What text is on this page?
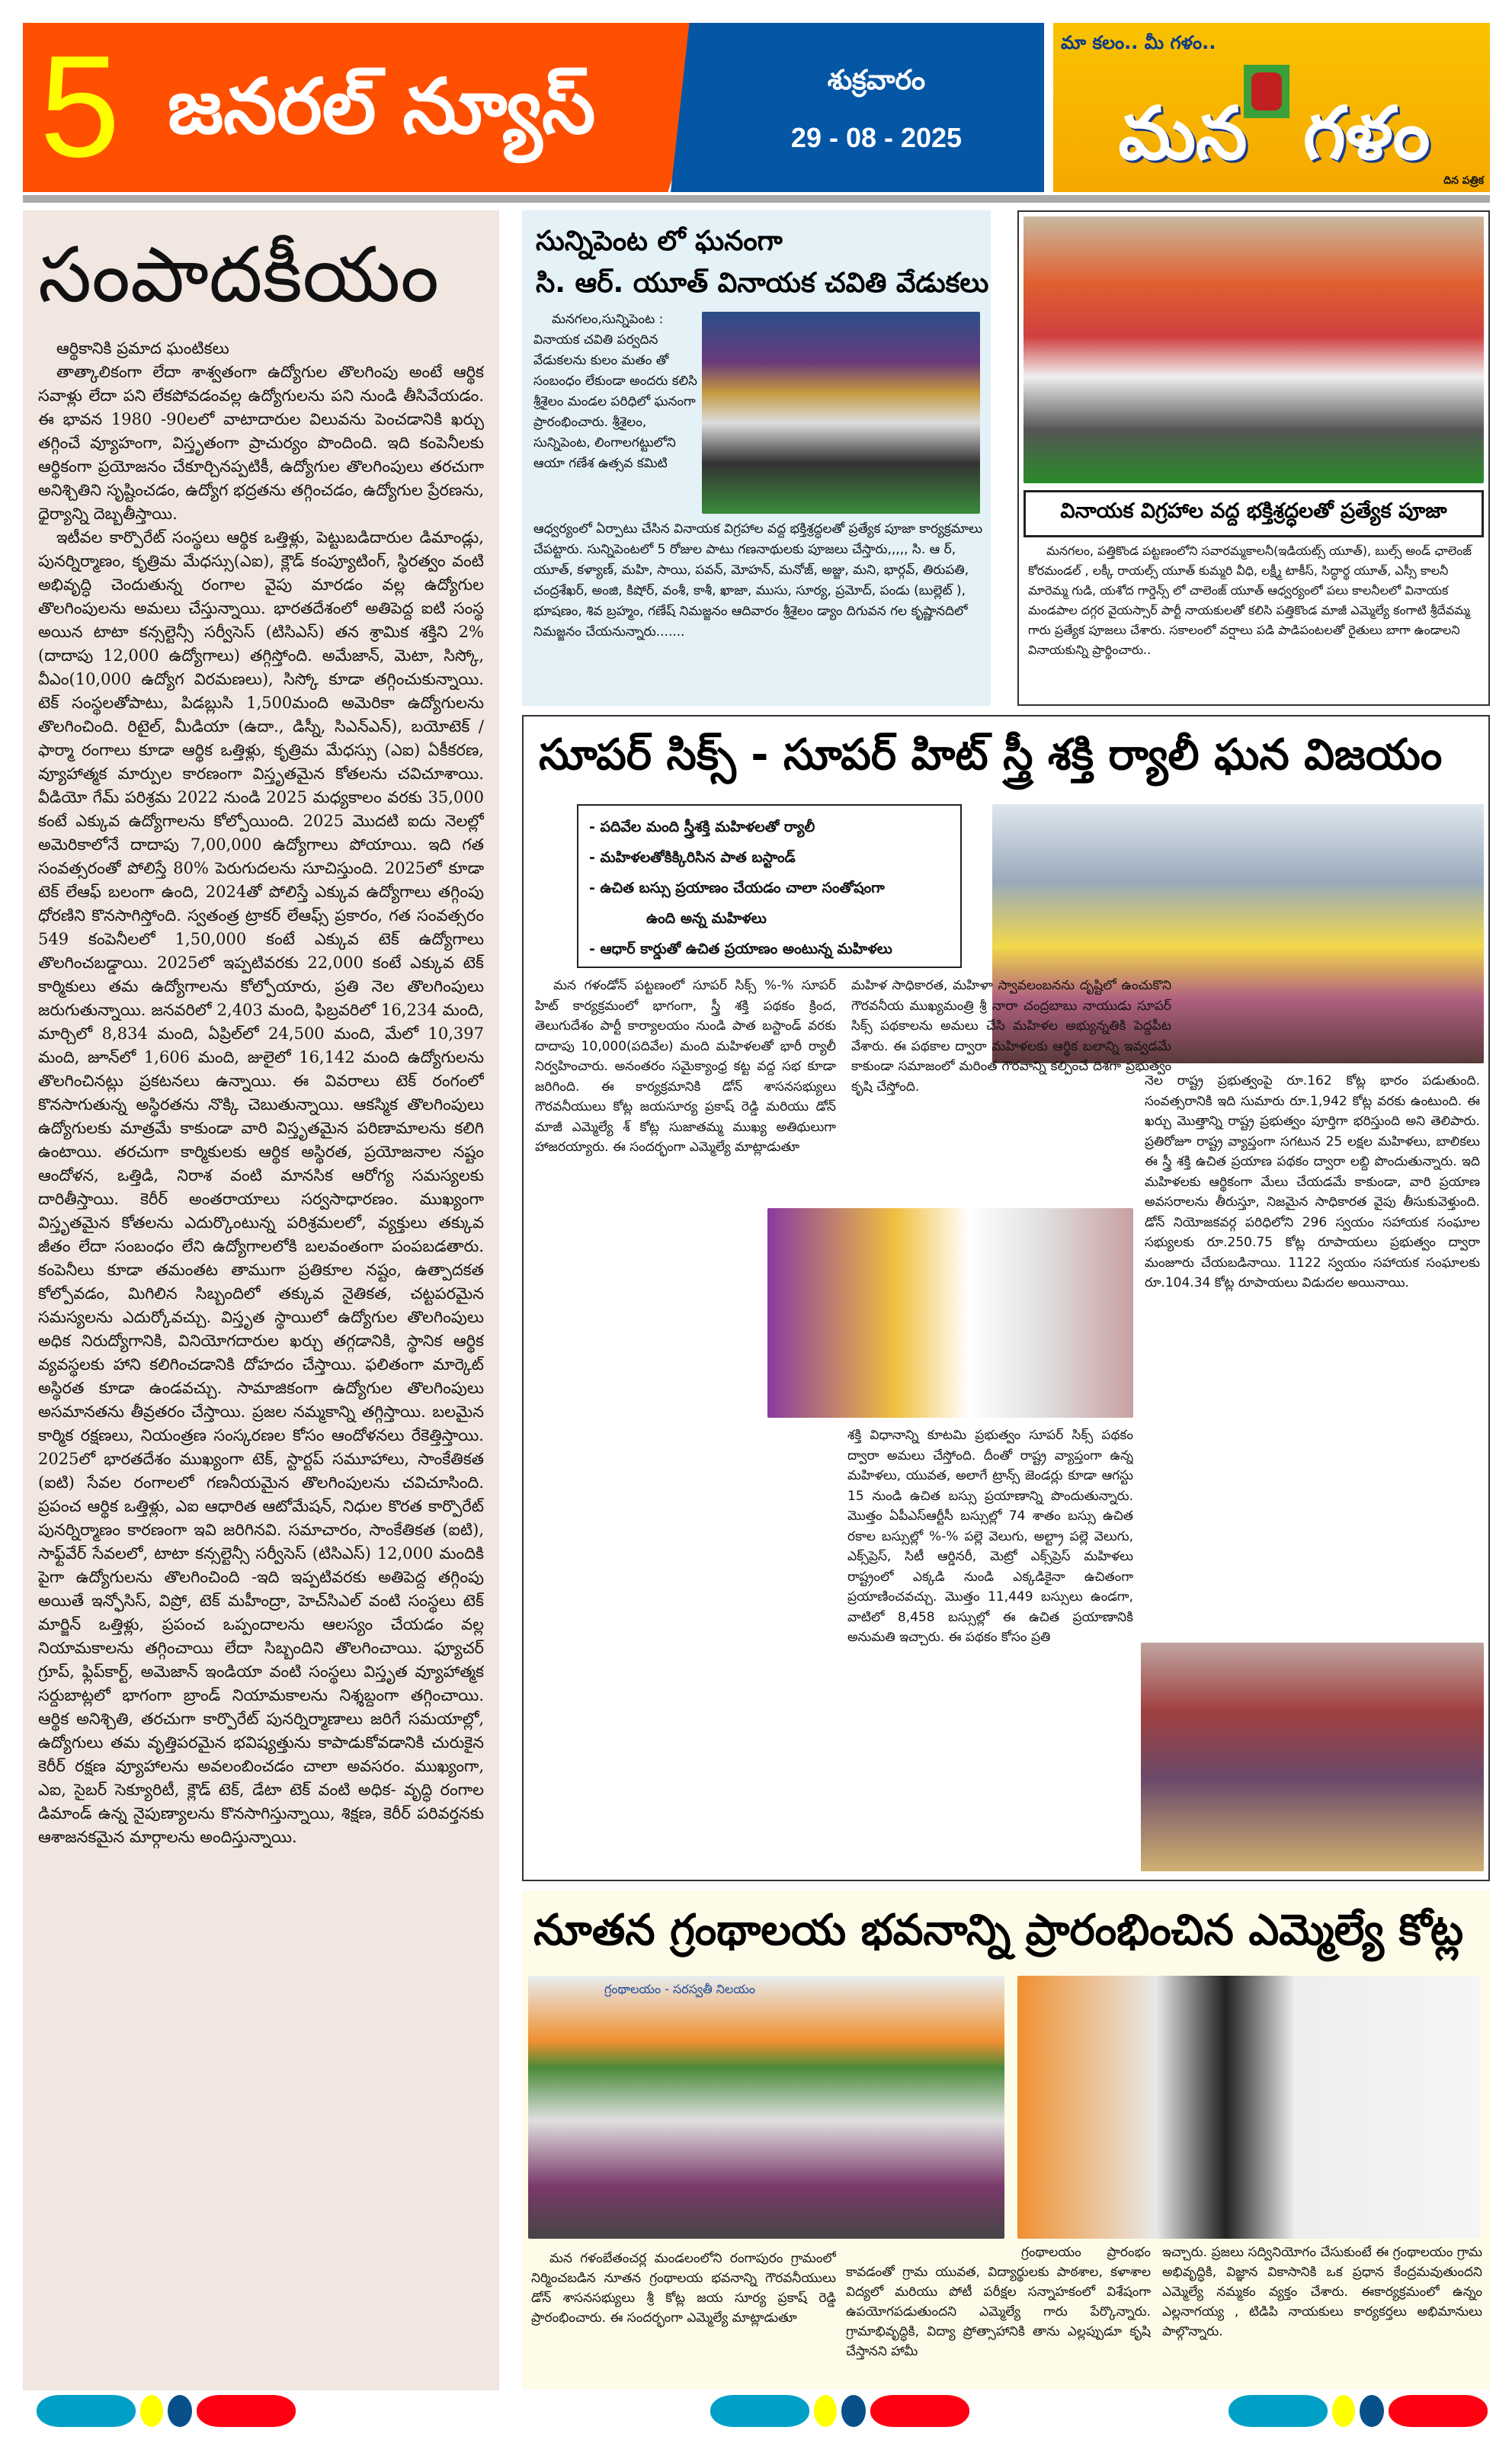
5 జనరల్ న్యూస్	శుక్రవారం
29 - 08 - 2025
మా కలం.. మీ గళం..
మన గళం
దిన పత్రిక
సంపాదకీయం
ఆర్థికానికి ప్రమాద ఘంటికలు
తాత్కాలికంగా లేదా శాశ్వతంగా ఉద్యోగుల తొలగింపు అంటే ఆర్థిక సవాళ్లు లేదా పని లేకపోవడంవల్ల ఉద్యోగులను పని నుండి తీసివేయడం. ఈ భావన 1980 -90లలో వాటాదారుల విలువను పెంచడానికి ఖర్చు తగ్గించే వ్యూహంగా, విస్తృతంగా ప్రాచుర్యం పొందింది. ఇది కంపెనీలకు ఆర్థికంగా ప్రయోజనం చేకూర్చినప్పటికీ, ఉద్యోగుల తొలగింపులు తరచుగా అనిశ్చితిని సృష్టించడం, ఉద్యోగ భద్రతను తగ్గించడం, ఉద్యోగుల ప్రేరణను, ధైర్యాన్ని దెబ్బతీస్తాయి.
ఇటీవల కార్పొరేట్ సంస్థలు ఆర్థిక ఒత్తిళ్లు, పెట్టుబడిదారుల డిమాండ్లు, పునర్నిర్మాణం, కృత్రిమ మేధస్సు(ఎఐ), క్లౌడ్ కంప్యూటింగ్, స్థిరత్వం వంటి అభివృద్ధి చెందుతున్న రంగాల వైపు మారడం వల్ల ఉద్యోగుల తొలగింపులను అమలు చేస్తున్నాయి. భారతదేశంలో అతిపెద్ద ఐటి సంస్థ అయిన టాటా కన్సల్టెన్సీ సర్వీసెస్ (టిసిఎస్) తన శ్రామిక శక్తిని 2%(దాదాపు 12,000 ఉద్యోగాలు) తగ్గిస్తోంది. అమేజాన్, మెటా, సిస్కో, వీఎం(10,000 ఉద్యోగ విరమణలు), సిస్కో కూడా తగ్గించుకున్నాయి. టెక్ సంస్థలతోపాటు, పిడబ్లుసి 1,500మంది అమెరికా ఉద్యోగులను తొలగించింది. రిటైల్, మీడియా (ఉదా., డిస్నీ, సిఎన్ఎన్), బయోటెక్ /ఫార్మా రంగాలు కూడా ఆర్థిక ఒత్తిళ్లు, కృత్రిమ మేధస్సు (ఎఐ) ఏకీకరణ, వ్యూహాత్మక మార్పుల కారణంగా విస్తృతమైన కోతలను చవిచూశాయి. వీడియో గేమ్ పరిశ్రమ 2022 నుండి 2025 మధ్యకాలం వరకు 35,000 కంటే ఎక్కువ ఉద్యోగాలను కోల్పోయింది. 2025 మొదటి ఐదు నెలల్లో అమెరికాలోనే దాదాపు 7,00,000 ఉద్యోగాలు పోయాయి. ఇది గత సంవత్సరంతో పోలిస్తే 80% పెరుగుదలను సూచిస్తుంది. 2025లో కూడా టెక్ లేఆఫ్ బలంగా ఉంది, 2024తో పోలిస్తే ఎక్కువ ఉద్యోగాలు తగ్గింపు ధోరణిని కొనసాగిస్తోంది. స్వతంత్ర ట్రాకర్ లేఆఫ్స్ ప్రకారం, గత సంవత్సరం 549 కంపెనీలలో 1,50,000 కంటే ఎక్కువ టెక్ ఉద్యోగాలు తొలగించబడ్డాయి. 2025లో ఇప్పటివరకు 22,000 కంటే ఎక్కువ టెక్ కార్మికులు తమ ఉద్యోగాలను కోల్పోయారు, ప్రతి నెల తొలగింపులు జరుగుతున్నాయి. జనవరిలో 2,403 మంది, ఫిబ్రవరిలో 16,234 మంది, మార్చిలో 8,834 మంది, ఏప్రిల్‌లో 24,500 మంది, మేలో 10,397 మంది, జూన్‌లో 1,606 మంది, జులైలో 16,142 మంది ఉద్యోగులను తొలగించినట్లు ప్రకటనలు ఉన్నాయి. ఈ వివరాలు టెక్ రంగంలో కొనసాగుతున్న అస్థిరతను నొక్కి చెబుతున్నాయి. ఆకస్మిక తొలగింపులు ఉద్యోగులకు మాత్రమే కాకుండా వారి విస్తృతమైన పరిణామాలను కలిగి ఉంటాయి. తరచుగా కార్మికులకు ఆర్థిక అస్థిరత, ప్రయోజనాల నష్టం ఆందోళన, ఒత్తిడి, నిరాశ వంటి మానసిక ఆరోగ్య సమస్యలకు దారితీస్తాయి. కెరీర్ అంతరాయాలు సర్వసాధారణం. ముఖ్యంగా విస్తృతమైన కోతలను ఎదుర్కొంటున్న పరిశ్రమలలో, వ్యక్తులు తక్కువ జీతం లేదా సంబంధం లేని ఉద్యోగాలలోకి బలవంతంగా పంపబడతారు. కంపెనీలు కూడా తమంతట తాముగా ప్రతికూల నష్టం, ఉత్పాదకత కోల్పోవడం, మిగిలిన సిబ్బందిలో తక్కువ నైతికత, చట్టపరమైన సమస్యలను ఎదుర్కోవచ్చు. విస్తృత స్థాయిలో ఉద్యోగుల తొలగింపులు అధిక నిరుద్యోగానికి, వినియోగదారుల ఖర్చు తగ్గడానికి, స్థానిక ఆర్థిక వ్యవస్థలకు హాని కలిగించడానికి దోహదం చేస్తాయి. ఫలితంగా మార్కెట్ అస్థిరత కూడా ఉండవచ్చు. సామాజికంగా ఉద్యోగుల తొలగింపులు అసమానతను తీవ్రతరం చేస్తాయి. ప్రజల నమ్మకాన్ని తగ్గిస్తాయి. బలమైన కార్మిక రక్షణలు, నియంత్రణ సంస్కరణల కోసం ఆందోళనలు రేకెత్తిస్తాయి. 2025లో భారతదేశం ముఖ్యంగా టెక్, స్టార్టప్ సమూహాలు, సాంకేతికత (ఐటి) సేవల రంగాలలో గణనీయమైన తొలగింపులను చవిచూసింది. ప్రపంచ ఆర్థిక ఒత్తిళ్లు, ఎఐ ఆధారిత ఆటోమేషన్, నిధుల కొరత కార్పొరేట్ పునర్నిర్మాణం కారణంగా ఇవి జరిగినవి. సమాచారం, సాంకేతికత (ఐటి), సాఫ్ట్‌వేర్ సేవలలో, టాటా కన్సల్టెన్సీ సర్వీసెస్ (టిసిఎస్) 12,000 మందికి పైగా ఉద్యోగులను తొలగించింది -ఇది ఇప్పటివరకు అతిపెద్ద తగ్గింపు అయితే ఇన్ఫోసిస్, విప్రో, టెక్ మహీంద్రా, హెచ్‌సిఎల్ వంటి సంస్థలు టెక్ మార్జిన్ ఒత్తిళ్లు, ప్రపంచ ఒప్పందాలను ఆలస్యం చేయడం వల్ల నియామకాలను తగ్గించాయి లేదా సిబ్బందిని తొలగించాయి. ఫ్యూచర్ గ్రూప్, ఫ్లిప్‌కార్ట్, అమెజాన్ ఇండియా వంటి సంస్థలు విస్తృత వ్యూహాత్మక సర్దుబాట్లలో భాగంగా బ్రాండ్ నియామకాలను నిశ్శబ్దంగా తగ్గించాయి. ఆర్థిక అనిశ్చితి, తరచుగా కార్పొరేట్ పునర్నిర్మాణాలు జరిగే సమయాల్లో, ఉద్యోగులు తమ వృత్తిపరమైన భవిష్యత్తును కాపాడుకోవడానికి చురుకైన కెరీర్ రక్షణ వ్యూహాలను అవలంబించడం చాలా అవసరం. ముఖ్యంగా, ఎఐ, సైబర్ సెక్యూరిటీ, క్లౌడ్ టెక్, డేటా టెక్ వంటి అధిక- వృద్ధి రంగాల డిమాండ్ ఉన్న నైపుణ్యాలను కొనసాగిస్తున్నాయి, శిక్షణ, కెరీర్ పరివర్తనకు ఆశాజనకమైన మార్గాలను అందిస్తున్నాయి.
సున్నిపెంట లో ఘనంగా
సి. ఆర్. యూత్ వినాయక చవితి వేడుకలు
మనగలం,సున్నిపెంట : వినాయక చవితి పర్వదిన వేడుకలను కులం మతం తో సంబంధం లేకుండా అందరు కలిసి శ్రీశైలం మండల పరిధిలో ఘనంగా ప్రారంభించారు. శ్రీశైలం, సున్నిపెంట, లింగాలగట్టులోని ఆయా గణేశ ఉత్సవ కమిటి
ఆధ్వర్యంలో ఏర్పాటు చేసిన వినాయక విగ్రహాల వద్ద భక్తిశ్రద్ధలతో ప్రత్యేక పూజా కార్యక్రమాలు చేపట్టారు. సున్నిపెంటలో 5 రోజుల పాటు గణనాథులకు పూజలు చేస్తారు,,,,, సి. ఆ ర్, యూత్, కళ్యాణ్, మహి, సాయి, పవన్, మోహన్, మనోజ్, అజ్జు, మని, భార్గవ్, తిరుపతి, చంద్రశేఖర్, అంజి, కిషోర్, వంశీ, కాశీ, ఖాజా, ముసు, సూర్య, ప్రమోద్, పండు (బుల్లెట్ ), భూషణం, శివ బ్రహ్మం, గణేష్ నిమజ్జనం ఆదివారం శ్రీశైలం డ్యాం దిగువన గల కృష్ణానదిలో నిమజ్జనం చేయనున్నారు.......
వినాయక విగ్రహాల వద్ద భక్తిశ్రద్ధలతో ప్రత్యేక పూజా
మనగలం, పత్తికొండ పట్టణంలోని సవారమ్మకాలనీ(ఇడియట్స్ యూత్), బుల్స్ అండ్ ఛాలెంజ్ కోరమండల్ , లక్కీ రాయల్స్ యూత్ కుమ్మరి వీధి, లక్ష్మీ టాకీస్, సిద్ధార్థ యూత్, ఎస్సీ కాలనీ మారెమ్మ గుడి, యశోద గార్డెన్స్ లో చాలెంజ్ యూత్ ఆధ్వర్యంలో పలు కాలనీలలో వినాయక మండపాల దగ్గర వైయస్సార్ పార్టీ నాయకులతో కలిసి పత్తికొండ మాజీ ఎమ్మెల్యే కంగాటి శ్రీదేవమ్మ గారు ప్రత్యేక పూజలు చేశారు. సకాలంలో వర్షాలు పడి పాడిపంటలతో రైతులు బాగా ఉండాలని వినాయకున్ని ప్రార్థించారు..
సూపర్ సిక్స్ - సూపర్ హిట్ స్త్రీ శక్తి ర్యాలీ ఘన విజయం
- పదివేల మంది స్త్రీశక్తి మహిళలతో ర్యాలీ
- మహిళలతోకిక్కిరిసిన పాత బస్టాండ్
- ఉచిత బస్సు ప్రయాణం చేయడం చాలా సంతోషంగా
ఉంది అన్న మహిళలు
- ఆధార్ కార్డుతో ఉచిత ప్రయాణం అంటున్న మహిళలు
మన గళండోన్ పట్టణంలో సూపర్ సిక్స్ %-% సూపర్ హిట్ కార్యక్రమంలో భాగంగా, స్త్రీ శక్తి పథకం క్రింద, తెలుగుదేశం పార్టీ కార్యాలయం నుండి పాత బస్టాండ్ వరకు దాదాపు 10,000(పదివేల) మంది మహిళలతో భారీ ర్యాలీ నిర్వహించారు. అనంతరం సమైక్యాంధ్ర కట్ట వద్ద సభ కూడా జరిగింది. ఈ కార్యక్రమానికి డోన్ శాసనసభ్యులు గౌరవనీయులు కోట్ల జయసూర్య ప్రకాష్ రెడ్డి మరియు డోన్ మాజీ ఎమ్మెల్యే శ్ కోట్ల సుజాతమ్మ ముఖ్య అతిథులుగా హాజరయ్యారు. ఈ సందర్భంగా ఎమ్మెల్యే మాట్లాడుతూ
మహిళ సాధికారత, మహిళా స్వావలంబనను దృష్టిలో ఉంచుకొని గౌరవనీయ ముఖ్యమంత్రి శ్రీ నారా చంద్రబాబు నాయుడు సూపర్ సిక్స్ పథకాలను అమలు చేసి మహిళల అభ్యున్నతికి పెద్దపీట వేశారు. ఈ పథకాల ద్వారా మహిళలకు ఆర్థిక బలాన్ని ఇవ్వడమే కాకుండా సమాజంలో మరింత గౌరవాన్ని కల్పించే దిశగా ప్రభుత్వం కృషి చేస్తోంది.	నెల రాష్ట్ర ప్రభుత్వంపై రూ.162 కోట్ల భారం పడుతుంది. సంవత్సరానికి ఇది సుమారు రూ.1,942 కోట్ల వరకు ఉంటుంది. ఈ ఖర్చు మొత్తాన్ని రాష్ట్ర ప్రభుత్వం పూర్తిగా భరిస్తుంది అని తెలిపారు. ప్రతిరోజూ రాష్ట్ర వ్యాప్తంగా సగటున 25 లక్షల మహిళలు, బాలికలు ఈ స్త్రీ శక్తి ఉచిత ప్రయాణ పథకం ద్వారా లబ్ది పొందుతున్నారు. ఇది మహిళలకు ఆర్థికంగా మేలు చేయడమే కాకుండా, వారి ప్రయాణ అవసరాలను తీరుస్తూ, నిజమైన సాధికారత వైపు తీసుకువెళ్తుంది. డోన్ నియోజకవర్గ పరిధిలోని 296 స్వయం సహాయక సంఘాల సభ్యులకు రూ.250.75 కోట్ల రూపాయలు ప్రభుత్వం ద్వారా మంజూరు చేయబడినాయి. 1122 స్వయం సహాయక సంఘాలకు రూ.104.34 కోట్ల రూపాయలు విడుదల అయినాయి.
శక్తి విధానాన్ని కూటమి ప్రభుత్వం సూపర్ సిక్స్ పథకం ద్వారా అమలు చేస్తోంది. దీంతో రాష్ట్ర వ్యాప్తంగా ఉన్న మహిళలు, యువత, అలాగే ట్రాన్స్ జెండర్లు కూడా ఆగస్టు 15 నుండి ఉచిత బస్సు ప్రయాణాన్ని పొందుతున్నారు. మొత్తం ఏపీఎస్ఆర్టీసీ బస్సుల్లో 74 శాతం బస్సు ఉచిత రకాల బస్సుల్లో %-% పల్లె వెలుగు, అల్ట్రా పల్లె వెలుగు, ఎక్స్‌ప్రెస్, సిటీ ఆర్డినరీ, మెట్రో ఎక్స్‌ప్రెస్ మహిళలు రాష్ట్రంలో ఎక్కడి నుండి ఎక్కడికైనా ఉచితంగా ప్రయాణించవచ్చు. మొత్తం 11,449 బస్సులు ఉండగా, వాటిలో 8,458 బస్సుల్లో ఈ ఉచిత ప్రయాణానికి అనుమతి ఇచ్చారు. ఈ పథకం కోసం ప్రతి
నూతన గ్రంథాలయ భవనాన్ని ప్రారంభించిన ఎమ్మెల్యే కోట్ల
గ్రంథాలయం - సరస్వతీ నిలయం
మన గళంబేతంచర్ల మండలంలోని రంగాపురం గ్రామంలో నిర్మించబడిన నూతన గ్రంథాలయ భవనాన్ని గౌరవనీయులు డోన్ శాసనసభ్యులు శ్రీ కోట్ల జయ సూర్య ప్రకాష్ రెడ్డి ప్రారంభించారు. ఈ సందర్భంగా ఎమ్మెల్యే మాట్లాడుతూ
గ్రంథాలయం ప్రారంభం కావడంతో గ్రామ యువత, విద్యార్థులకు పాఠశాల, కళాశాల విద్యలో మరియు పోటీ పరీక్షల సన్నాహకంలో విశేషంగా ఉపయోగపడుతుందని ఎమ్మెల్యే గారు పేర్కొన్నారు. గ్రామాభివృద్ధికి, విద్యా ప్రోత్సాహానికి తాను ఎల్లప్పుడూ కృషి చేస్తానని హామీ
ఇచ్చారు. ప్రజలు సద్వినియోగం చేసుకుంటే ఈ గ్రంథాలయం గ్రామ అభివృద్ధికి, విజ్ఞాన వికాసానికి ఒక ప్రధాన కేంద్రమవుతుందని ఎమ్మెల్యే నమ్మకం వ్యక్తం చేశారు. ఈకార్యక్రమంలో ఉన్నం ఎల్లనాగయ్య , టిడిపి నాయకులు కార్యకర్తలు అభిమానులు పాల్గొన్నారు.
